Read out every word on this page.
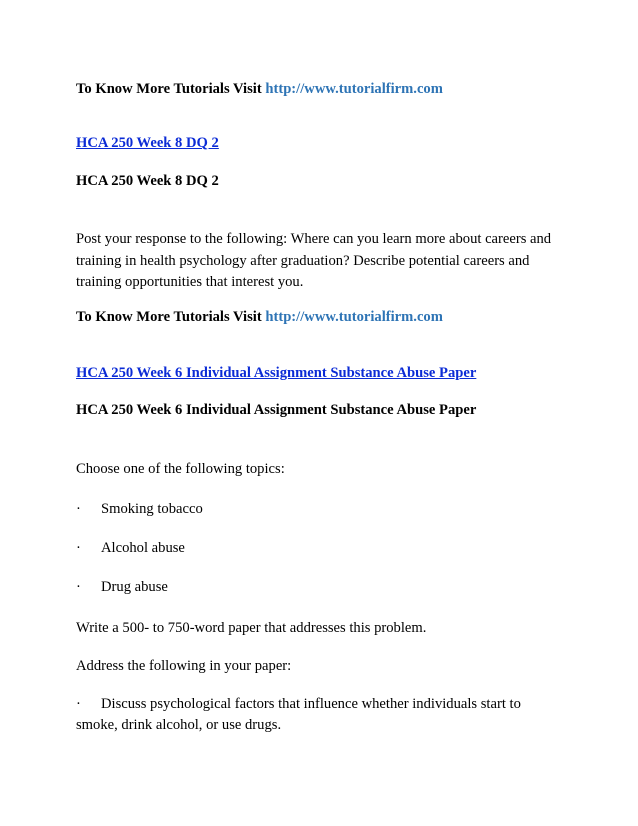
To Know More Tutorials Visit http://www.tutorialfirm.com
HCA 250 Week 8 DQ 2
HCA 250 Week 8 DQ 2
Post your response to the following: Where can you learn more about careers and training in health psychology after graduation? Describe potential careers and training opportunities that interest you.
To Know More Tutorials Visit http://www.tutorialfirm.com
HCA 250 Week 6 Individual Assignment Substance Abuse Paper
HCA 250 Week 6 Individual Assignment Substance Abuse Paper
Choose one of the following topics:
· Smoking tobacco
· Alcohol abuse
· Drug abuse
Write a 500- to 750-word paper that addresses this problem.
Address the following in your paper:
· Discuss psychological factors that influence whether individuals start to smoke, drink alcohol, or use drugs.
